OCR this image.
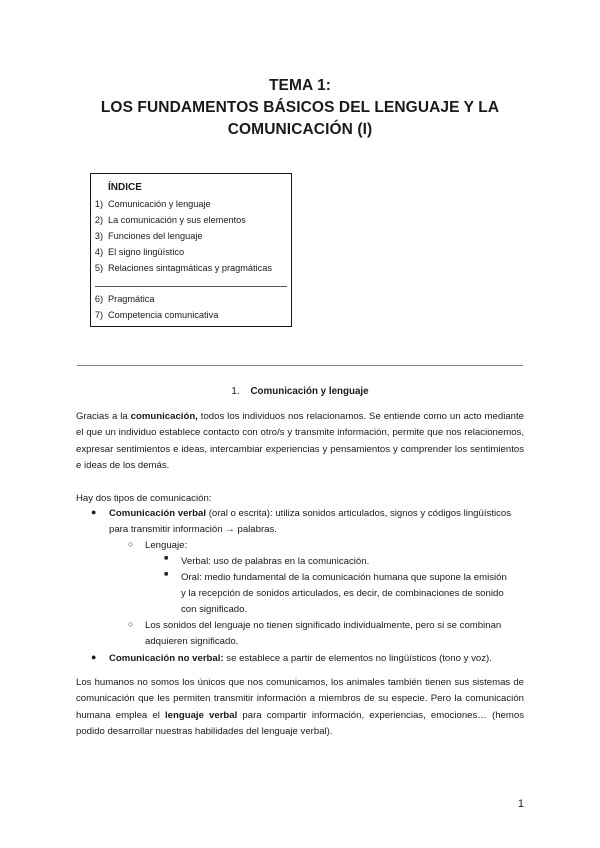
TEMA 1:
LOS FUNDAMENTOS BÁSICOS DEL LENGUAJE Y LA
COMUNICACIÓN (I)
ÍNDICE
1) Comunicación y lenguaje
2) La comunicación y sus elementos
3) Funciones del lenguaje
4) El signo lingüístico
5) Relaciones sintagmáticas y pragmáticas
6) Pragmática
7) Competencia comunicativa
1. Comunicación y lenguaje
Gracias a la comunicación, todos los individuos nos relacionamos. Se entiende como un acto mediante el que un individuo establece contacto con otro/s y transmite información, permite que nos relacionemos, expresar sentimientos e ideas, intercambiar experiencias y pensamientos y comprender los sentimientos e ideas de los demás.
Hay dos tipos de comunicación:
● Comunicación verbal (oral o escrita): utiliza sonidos articulados, signos y códigos lingüísticos
para transmitir información → palabras.
○ Lenguaje:
■ Verbal: uso de palabras en la comunicación.
■ Oral: medio fundamental de la comunicación humana que supone la emisión
y la recepción de sonidos articulados, es decir, de combinaciones de sonido
con significado.
○ Los sonidos del lenguaje no tienen significado individualmente, pero si se combinan
adquieren significado.
● Comunicación no verbal: se establece a partir de elementos no lingüísticos (tono y voz).
Los humanos no somos los únicos que nos comunicamos, los animales también tienen sus sistemas de comunicación que les permiten transmitir información a miembros de su especie. Pero la comunicación humana emplea el lenguaje verbal para compartir información, experiencias, emociones… (hemos podido desarrollar nuestras habilidades del lenguaje verbal).
1
